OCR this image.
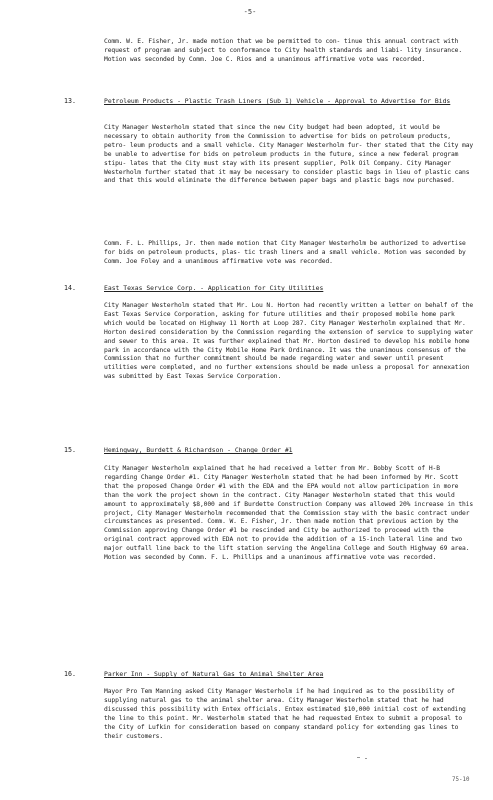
-5-
Comm. W. E. Fisher, Jr. made motion that we be permitted to con- tinue this annual contract with request of program and subject to conformance to City health standards and liabi- lity insurance. Motion was seconded by Comm. Joe C. Rios and a unanimous affirmative vote was recorded.
13.	Petroleum Products - Plastic Trash Liners (Sub 1) Vehicle - Approval to Advertise for Bids
City Manager Westerholm stated that since the new City budget had been adopted, it would be necessary to obtain authority from the Commission to advertise for bids on petroleum products, petro- leum products and a small vehicle. City Manager Westerholm fur- ther stated that the City may be unable to advertise for bids on petroleum products in the future, since a new federal program stipu- lates that the City must stay with its present supplier, Polk Oil Company. City Manager Westerholm further stated that it may be necessary to consider plastic bags in lieu of plastic cans and that this would eliminate the difference between paper bags and plastic bags now purchased.
Comm. F. L. Phillips, Jr. then made motion that City Manager Westerholm be authorized to advertise for bids on petroleum products, plas- tic trash liners and a small vehicle. Motion was seconded by Comm. Joe Foley and a unanimous affirmative vote was recorded.
14.	East Texas Service Corp. - Application for City Utilities
City Manager Westerholm stated that Mr. Lou N. Horton had recently written a letter on behalf of the East Texas Service Corporation, asking for future utilities and their proposed mobile home park which would be located on Highway 11 North at Loop 287. City Manager Westerholm explained that Mr. Horton desired consideration by the Commission regarding the extension of service to supplying water and sewer to this area. It was further explained that Mr. Horton desired to develop his mobile home park in accordance with the City Mobile Home Park Ordinance. It was the unanimous consensus of the Commission that no further commitment should be made regarding water and sewer until present utilities were completed, and no further extensions should be made unless a proposal for annexation was submitted by East Texas Service Corporation.
15.	Hemingway, Burdett & Richardson - Change Order #1
City Manager Westerholm explained that he had received a letter from Mr. Bobby Scott of H-B regarding Change Order #1. City Manager Westerholm stated that he had been informed by Mr. Scott that the proposed Change Order #1 with the EDA and the EPA would not allow participation in more than the work the project shown in the contract. City Manager Westerholm stated that this would amount to approximately $8,000 and if Burdette Construction Company was allowed 20% increase in this project, City Manager Westerholm recommended that the Commission stay with the basic contract under circumstances as presented. Comm. W. E. Fisher, Jr. then made motion that previous action by the Commission approving Change Order #1 be rescinded and City be authorized to proceed with the original contract approved with EDA not to provide the addition of a 15-inch lateral line and two major outfall line back to the lift station serving the Angelina College and South Highway 69 area. Motion was seconded by Comm. F. L. Phillips and a unanimous affirmative vote was recorded.
16.	Parker Inn - Supply of Natural Gas to Animal Shelter Area
Mayor Pro Tem Manning asked City Manager Westerholm if he had inquired as to the possibility of supplying natural gas to the animal shelter area. City Manager Westerholm stated that he had discussed this possibility with Entex officials. Entex estimated $10,000 initial cost of extending the line to this point. Mr. Westerholm stated that he had requested Entex to submit a proposal to the City of Lufkin for consideration based on company standard policy for extending gas lines to their customers.
75-10
